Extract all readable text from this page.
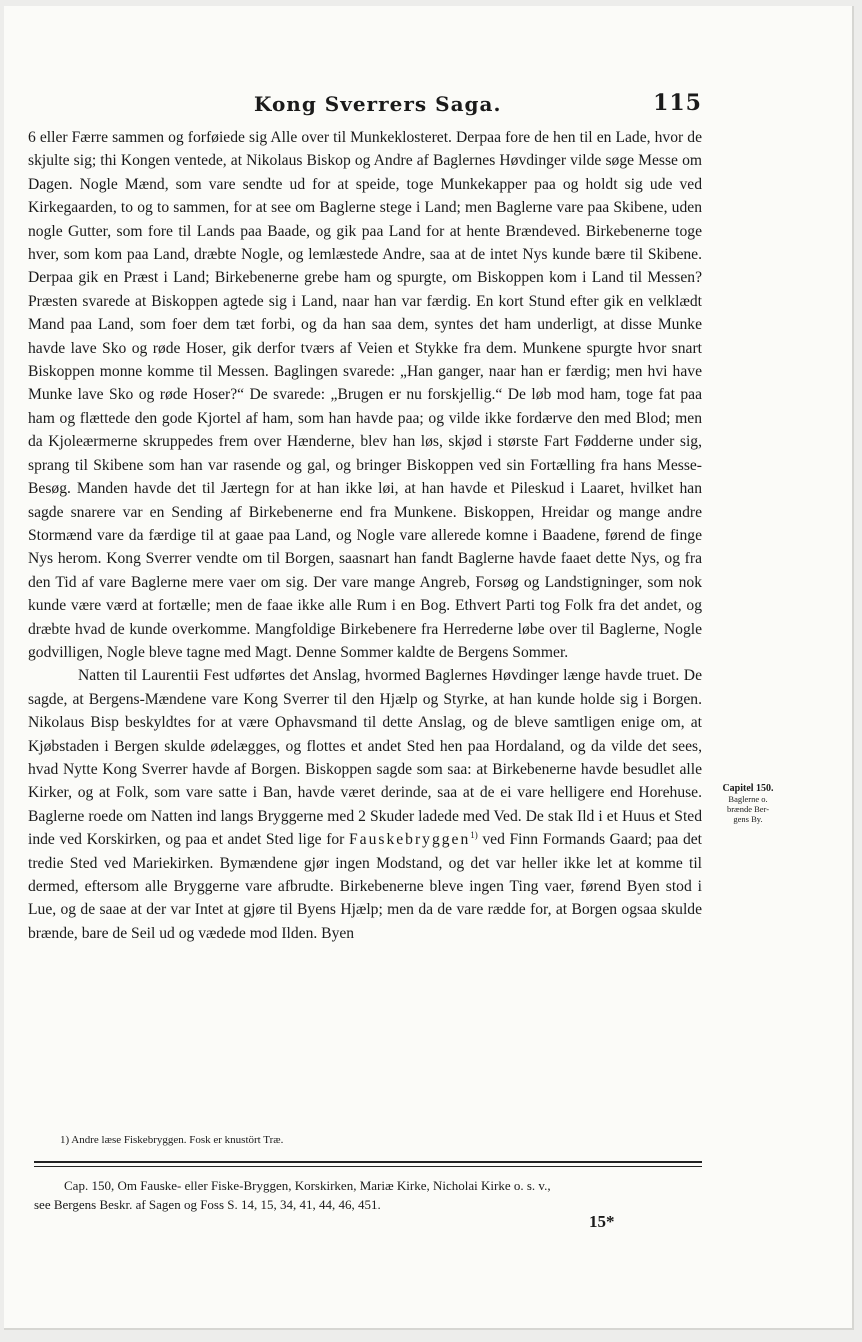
Kong Sverrers Saga.	115

6 eller Færre sammen og forføiede sig Alle over til Munkeklosteret. Derpaa fore de hen til en Lade, hvor de skjulte sig; thi Kongen ventede, at Nikolaus Biskop og Andre af Baglernes Høvdinger vilde søge Messe om Dagen. Nogle Mænd, som vare sendte ud for at speide, toge Munkekapper paa og holdt sig ude ved Kirkegaarden, to og to sammen, for at see om Baglerne stege i Land; men Baglerne vare paa Skibene, uden nogle Gutter, som fore til Lands paa Baade, og gik paa Land for at hente Brændeved. Birkebenerne toge hver, som kom paa Land, dræbte Nogle, og lemlæstede Andre, saa at de intet Nys kunde bære til Skibene. Derpaa gik en Præst i Land; Birkebenerne grebe ham og spurgte, om Biskoppen kom i Land til Messen? Præsten svarede at Biskoppen agtede sig i Land, naar han var færdig. En kort Stund efter gik en velklædt Mand paa Land, som foer dem tæt forbi, og da han saa dem, syntes det ham underligt, at disse Munke havde lave Sko og røde Hoser, gik derfor tværs af Veien et Stykke fra dem. Munkene spurgte hvor snart Biskoppen monne komme til Messen. Baglingen svarede: „Han ganger, naar han er færdig; men hvi have Munke lave Sko og røde Hoser?“ De svarede: „Brugen er nu forskjellig.“ De løb mod ham, toge fat paa ham og flættede den gode Kjortel af ham, som han havde paa; og vilde ikke fordærve den med Blod; men da Kjoleærmerne skruppedes frem over Hænderne, blev han løs, skjød i største Fart Fødderne under sig, sprang til Skibene som han var rasende og gal, og bringer Biskoppen ved sin Fortælling fra hans Messe-Besøg. Manden havde det til Jærtegn for at han ikke løi, at han havde et Pileskud i Laaret, hvilket han sagde snarere var en Sending af Birkebenerne end fra Munkene. Biskoppen, Hreidar og mange andre Stormænd vare da færdige til at gaae paa Land, og Nogle vare allerede komne i Baadene, førend de finge Nys herom. Kong Sverrer vendte om til Borgen, saasnart han fandt Baglerne havde faaet dette Nys, og fra den Tid af vare Baglerne mere vaer om sig. Der vare mange Angreb, Forsøg og Landstigninger, som nok kunde være værd at fortælle; men de faae ikke alle Rum i en Bog. Ethvert Parti tog Folk fra det andet, og dræbte hvad de kunde overkomme. Mangfoldige Birkebenere fra Herrederne løbe over til Baglerne, Nogle godvilligen, Nogle bleve tagne med Magt. Denne Sommer kaldte de Bergens Sommer.

Natten til Laurentii Fest udførtes det Anslag, hvormed Baglernes Høvdinger længe havde truet. De sagde, at Bergens-Mændene vare Kong Sverrer til den Hjælp og Styrke, at han kunde holde sig i Borgen. Nikolaus Bisp beskyldtes for at være Ophavsmand til dette Anslag, og de bleve samtligen enige om, at Kjøbstaden i Bergen skulde ødelægges, og flottes et andet Sted hen paa Hordaland, og da vilde det sees, hvad Nytte Kong Sverrer havde af Borgen. Biskoppen sagde som saa: at Birkebenerne havde besudlet alle Kirker, og at Folk, som vare satte i Ban, havde været derinde, saa at de ei vare helligere end Horehuse. Baglerne roede om Natten ind langs Bryggerne med 2 Skuder ladede med Ved. De stak Ild i et Huus et Sted inde ved Korskirken, og paa et andet Sted lige for Fauskebryggen$^{1)}$ ved Finn Formands Gaard; paa det tredie Sted ved Mariekirken. Bymændene gjør ingen Modstand, og det var heller ikke let at komme til dermed, eftersom alle Bryggerne vare afbrudte. Birkebenerne bleve ingen Ting vaer, førend Byen stod i Lue, og de saae at der var Intet at gjøre til Byens Hjælp; men da de vare rædde for, at Borgen ogsaa skulde brænde, bare de Seil ud og vædede mod Ilden. Byen

Capitel 150.
Baglerne o.
brænde Ber-
gens By.
1) Andre læse Fiskebryggen. Fosk er knustört Træ.
Cap. 150, Om Fauske- eller Fiske-Bryggen, Korskirken, Mariæ Kirke, Nicholai Kirke o. s. v.,
see Bergens Beskr. af Sagen og Foss S. 14, 15, 34, 41, 44, 46, 451.
15*
